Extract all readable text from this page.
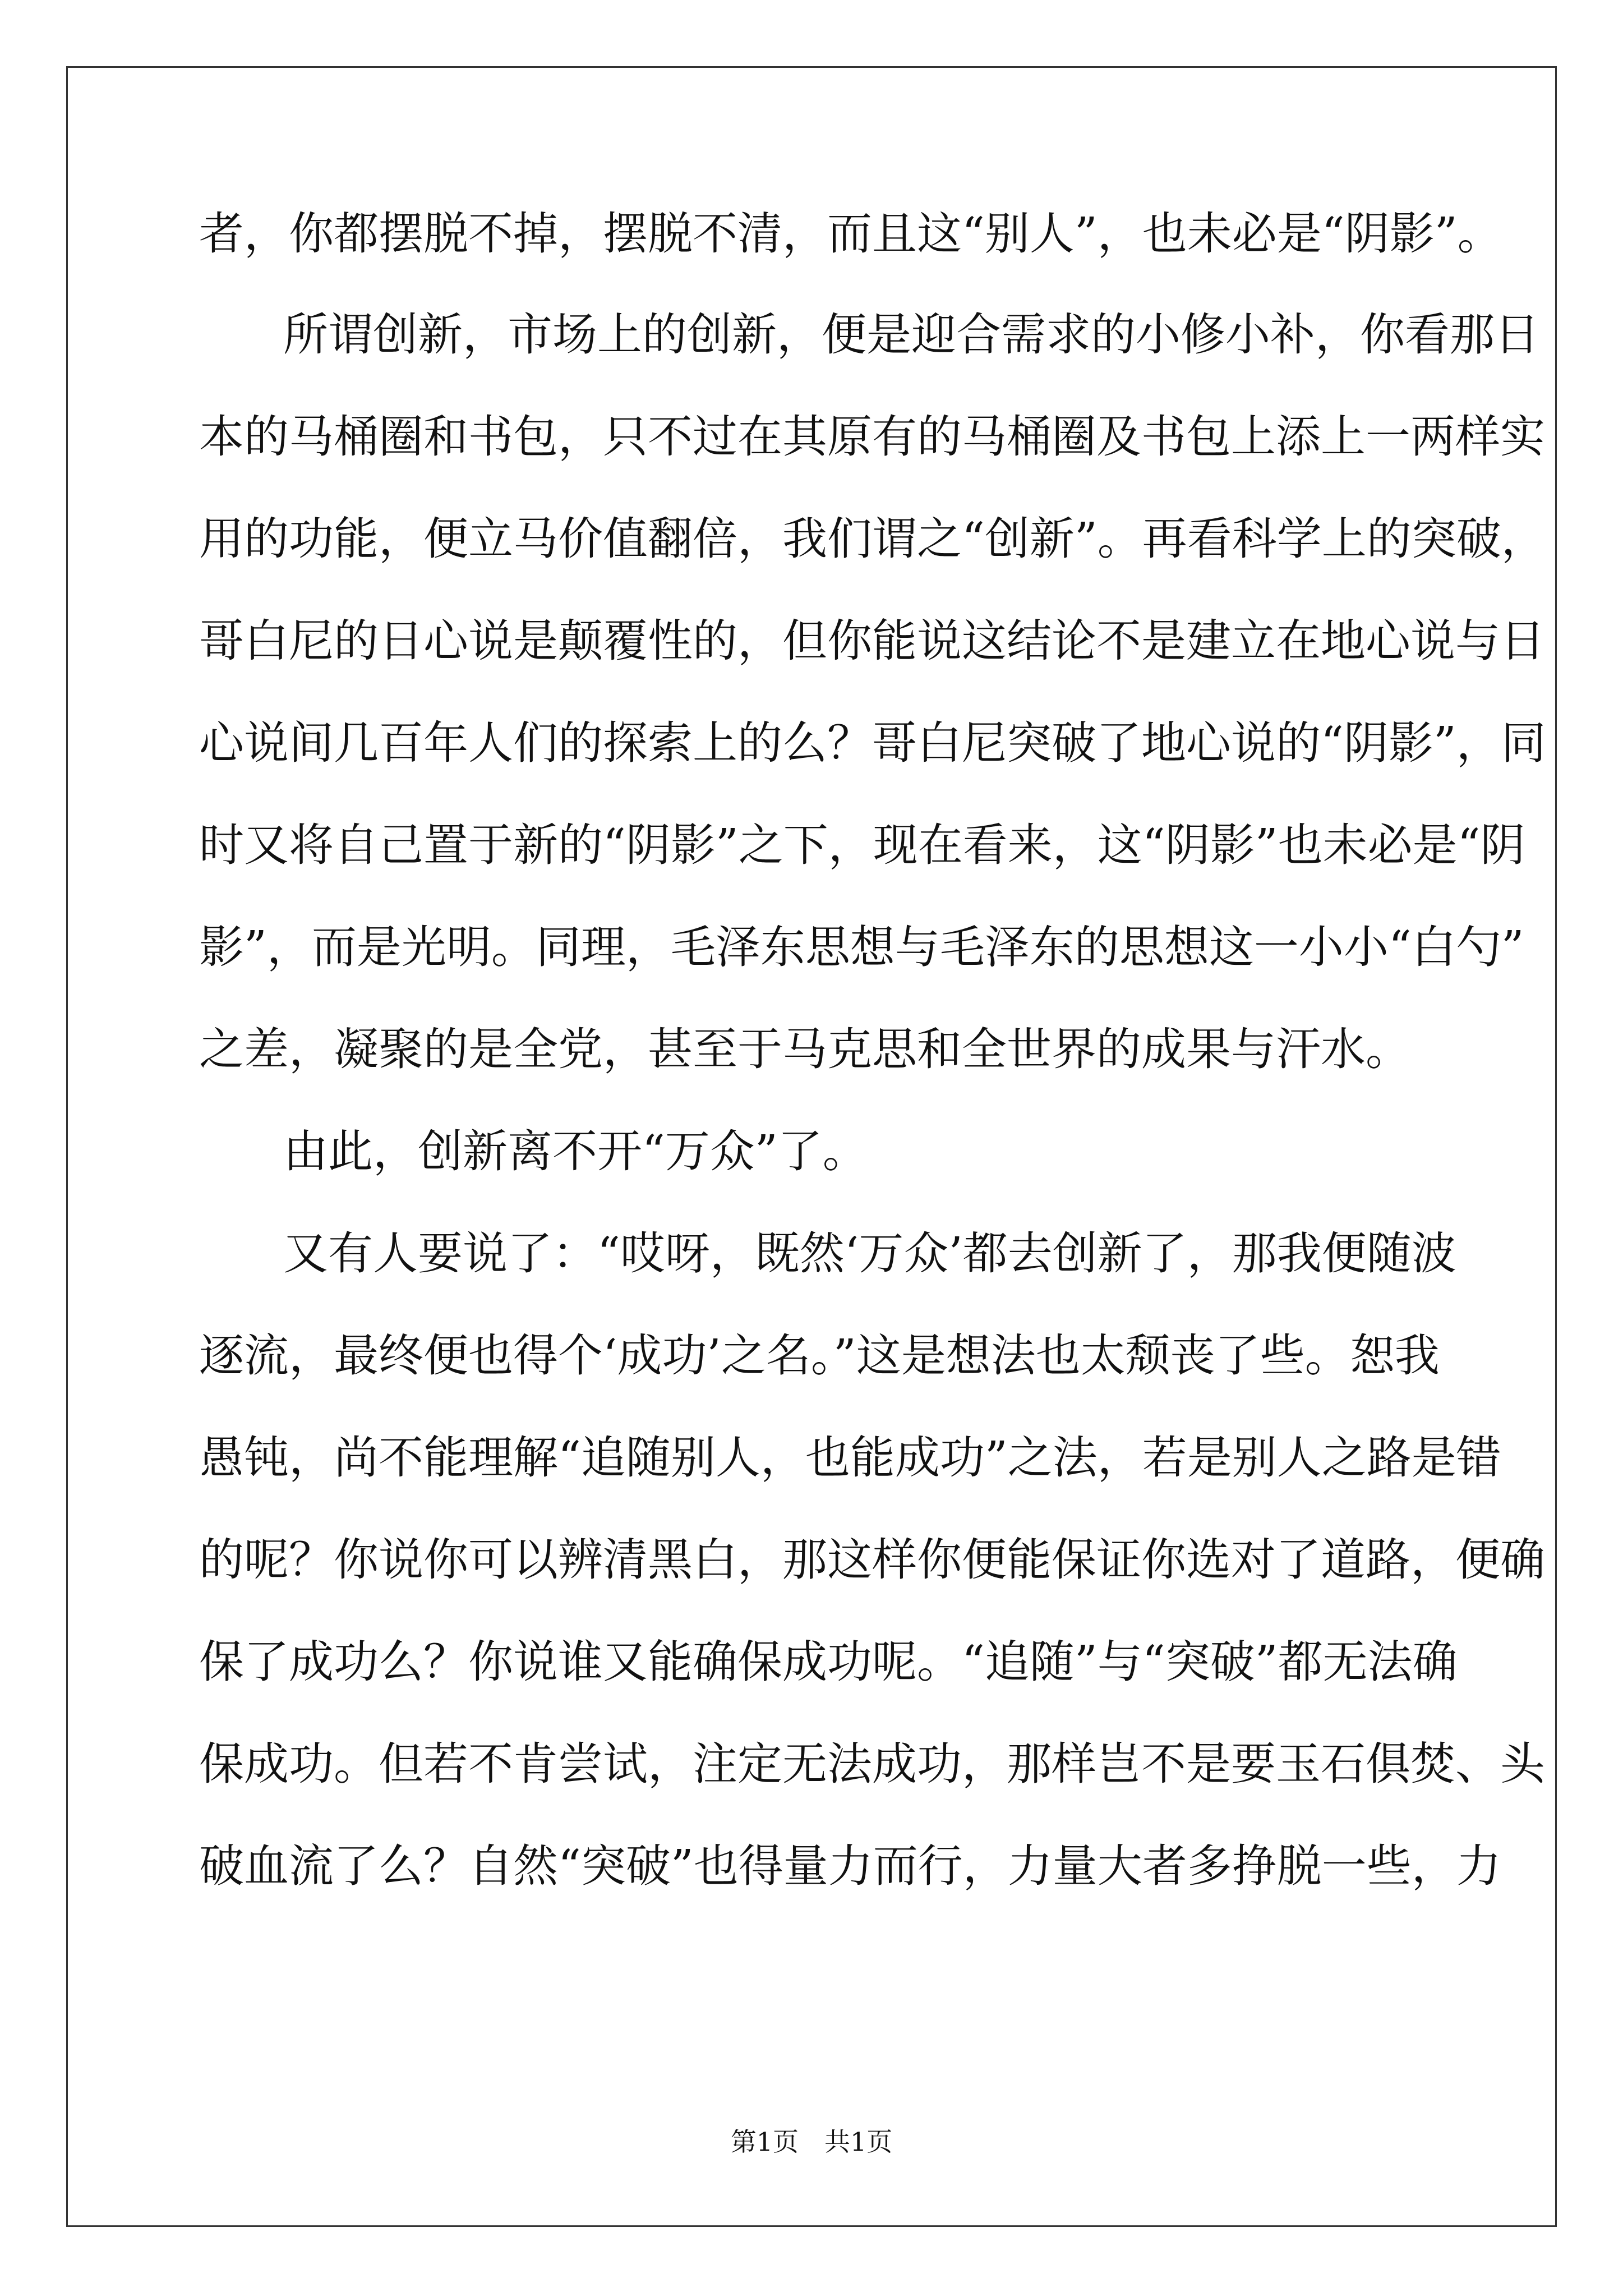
者，你都摆脱不掉，摆脱不清，而且这“别人”，也未必是“阴影”。
所谓创新，市场上的创新，便是迎合需求的小修小补，你看那日
本的马桶圈和书包，只不过在其原有的马桶圈及书包上添上一两样实
用的功能，便立马价值翻倍，我们谓之“创新”。再看科学上的突破，
哥白尼的日心说是颠覆性的，但你能说这结论不是建立在地心说与日
心说间几百年人们的探索上的么？哥白尼突破了地心说的“阴影”，同
时又将自己置于新的“阴影”之下，现在看来，这“阴影”也未必是“阴
影”，而是光明。同理，毛泽东思想与毛泽东的思想这一小小“白勺”
之差，凝聚的是全党，甚至于马克思和全世界的成果与汗水。
由此，创新离不开“万众”了。
又有人要说了：“哎呀，既然‘万众’都去创新了，那我便随波
逐流，最终便也得个‘成功’之名。”这是想法也太颓丧了些。恕我
愚钝，尚不能理解“追随别人，也能成功”之法，若是别人之路是错
的呢？你说你可以辨清黑白，那这样你便能保证你选对了道路，便确
保了成功么？你说谁又能确保成功呢。“追随”与“突破”都无法确
保成功。但若不肯尝试，注定无法成功，那样岂不是要玉石俱焚、头
破血流了么？自然“突破”也得量力而行，力量大者多挣脱一些，力
第1页　共1页
